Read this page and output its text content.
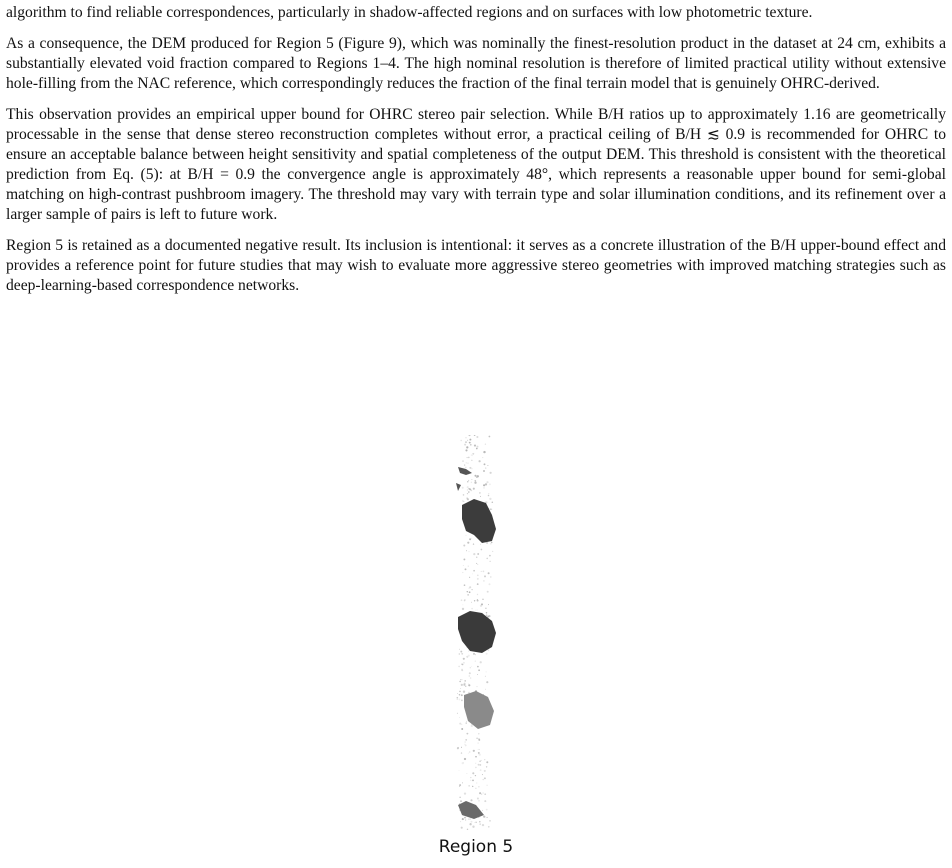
algorithm to find reliable correspondences, particularly in shadow-affected regions and on surfaces with low photometric texture.

As a consequence, the DEM produced for Region 5 (Figure 9), which was nominally the finest-resolution product in the dataset at 24 cm, exhibits a substantially elevated void fraction compared to Regions 1–4. The high nominal resolution is therefore of limited practical utility without extensive hole-filling from the NAC reference, which correspondingly reduces the fraction of the final terrain model that is genuinely OHRC-derived.

This observation provides an empirical upper bound for OHRC stereo pair selection. While B/H ratios up to approximately 1.16 are geometrically processable in the sense that dense stereo reconstruction completes without error, a practical ceiling of B/H ≲ 0.9 is recommended for OHRC to ensure an acceptable balance between height sensitivity and spatial completeness of the output DEM. This threshold is consistent with the theoretical prediction from Eq. (5): at B/H = 0.9 the convergence angle is approximately 48°, which represents a reasonable upper bound for semi-global matching on high-contrast pushbroom imagery. The threshold may vary with terrain type and solar illumination conditions, and its refinement over a larger sample of pairs is left to future work.

Region 5 is retained as a documented negative result. Its inclusion is intentional: it serves as a concrete illustration of the B/H upper-bound effect and provides a reference point for future studies that may wish to evaluate more aggressive stereo geometries with improved matching strategies such as deep-learning-based correspondence networks.

Region 5
